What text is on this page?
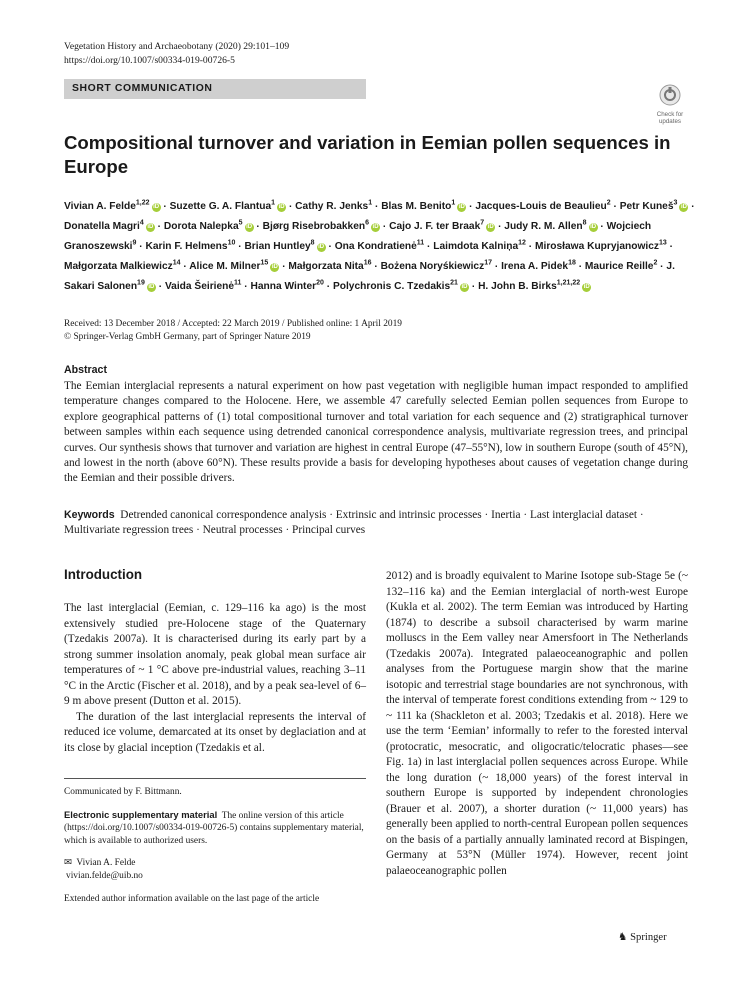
Vegetation History and Archaeobotany (2020) 29:101–109
https://doi.org/10.1007/s00334-019-00726-5
SHORT COMMUNICATION
Check for updates
Compositional turnover and variation in Eemian pollen sequences in Europe
Vivian A. Felde$^{1,22}$ iD · Suzette G. A. Flantua$^1$ iD · Cathy R. Jenks$^1$ · Blas M. Benito$^1$ iD · Jacques-Louis de Beaulieu$^2$ · Petr Kuneš$^3$ iD · Donatella Magri$^4$ iD · Dorota Nalepka$^5$ iD · Bjørg Risebrobakken$^6$ iD · Cajo J. F. ter Braak$^7$ iD · Judy R. M. Allen$^8$ iD · Wojciech Granoszewski$^9$ · Karin F. Helmens$^{10}$ · Brian Huntley$^8$ iD · Ona Kondratienė$^{11}$ · Laimdota Kalniņa$^{12}$ · Mirosława Kupryjanowicz$^{13}$ · Małgorzata Malkiewicz$^{14}$ · Alice M. Milner$^{15}$ iD · Małgorzata Nita$^{16}$ · Bożena Noryśkiewicz$^{17}$ · Irena A. Pidek$^{18}$ · Maurice Reille$^2$ · J. Sakari Salonen$^{19}$ iD · Vaida Šeirienė$^{11}$ · Hanna Winter$^{20}$ · Polychronis C. Tzedakis$^{21}$ iD · H. John B. Birks$^{1,21,22}$ iD
Received: 13 December 2018 / Accepted: 22 March 2019 / Published online: 1 April 2019
© Springer-Verlag GmbH Germany, part of Springer Nature 2019
Abstract

The Eemian interglacial represents a natural experiment on how past vegetation with negligible human impact responded to amplified temperature changes compared to the Holocene. Here, we assemble 47 carefully selected Eemian pollen sequences from Europe to explore geographical patterns of (1) total compositional turnover and total variation for each sequence and (2) stratigraphical turnover between samples within each sequence using detrended canonical correspondence analysis, multivariate regression trees, and principal curves. Our synthesis shows that turnover and variation are highest in central Europe (47–55°N), low in southern Europe (south of 45°N), and lowest in the north (above 60°N). These results provide a basis for developing hypotheses about causes of vegetation change during the Eemian and their possible drivers.

Keywords Detrended canonical correspondence analysis · Extrinsic and intrinsic processes · Inertia · Last interglacial dataset · Multivariate regression trees · Neutral processes · Principal curves

Introduction

The last interglacial (Eemian, c. 129–116 ka ago) is the most extensively studied pre-Holocene stage of the Quaternary (Tzedakis 2007a). It is characterised during its early part by a strong summer insolation anomaly, peak global mean surface air temperatures of ~ 1 °C above pre-industrial values, reaching 3–11 °C in the Arctic (Fischer et al. 2018), and by a peak sea-level of 6–9 m above present (Dutton et al. 2015).

The duration of the last interglacial represents the interval of reduced ice volume, demarcated at its onset by deglaciation and at its close by glacial inception (Tzedakis et al.

2012) and is broadly equivalent to Marine Isotope sub-Stage 5e (~ 132–116 ka) and the Eemian interglacial of north-west Europe (Kukla et al. 2002). The term Eemian was introduced by Harting (1874) to describe a subsoil characterised by warm marine molluscs in the Eem valley near Amersfoort in The Netherlands (Tzedakis 2007a). Integrated palaeoceanographic and pollen analyses from the Portuguese margin show that the marine isotopic and terrestrial stage boundaries are not synchronous, with the interval of temperate forest conditions extending from ~ 129 to ~ 111 ka (Shackleton et al. 2003; Tzedakis et al. 2018). Here we use the term ‘Eemian’ informally to refer to the forested interval (protocratic, mesocratic, and oligocratic/telocratic phases—see Fig. 1a) in last interglacial pollen sequences across Europe. While the long duration (~ 18,000 years) of the forest interval in southern Europe is supported by independent chronologies (Brauer et al. 2007), a shorter duration (~ 11,000 years) has generally been applied to north-central European pollen sequences on the basis of a partially annually laminated record at Bispingen, Germany at 53°N (Müller 1974). However, recent joint palaeoceanographic pollen

Communicated by F. Bittmann.

Electronic supplementary material The online version of this article (https://doi.org/10.1007/s00334-019-00726-5) contains supplementary material, which is available to authorized users.

✉ Vivian A. Felde
vivian.felde@uib.no

Extended author information available on the last page of the article

♞ Springer
